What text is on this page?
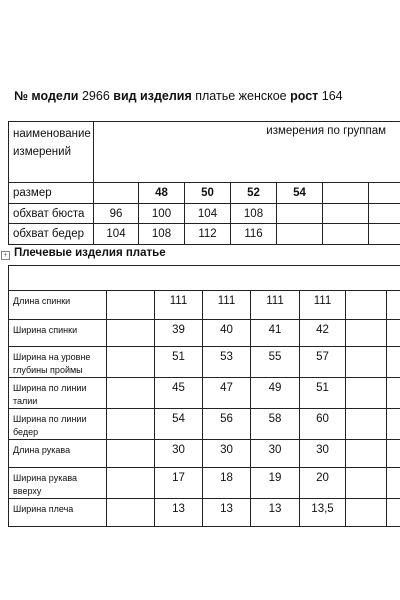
№ модели 2966 вид изделия платье женское рост 164
наименование измерений	измерения по группам						
размер		48	50	52	54		
обхват бюста	96	100	104	108			
обхват бедер	104	108	112	116			
+ Плечевые изделия платье

Длина спинки		111	111	111	111		
Ширина спинки		39	40	41	42		
Ширина на уровне глубины проймы		51	53	55	57		
Ширина по линии талии		45	47	49	51		
Ширина по линии бедер		54	56	58	60		
Длина рукава		30	30	30	30		
Ширина рукава вверху		17	18	19	20		
Ширина плеча		13	13	13	13,5		
